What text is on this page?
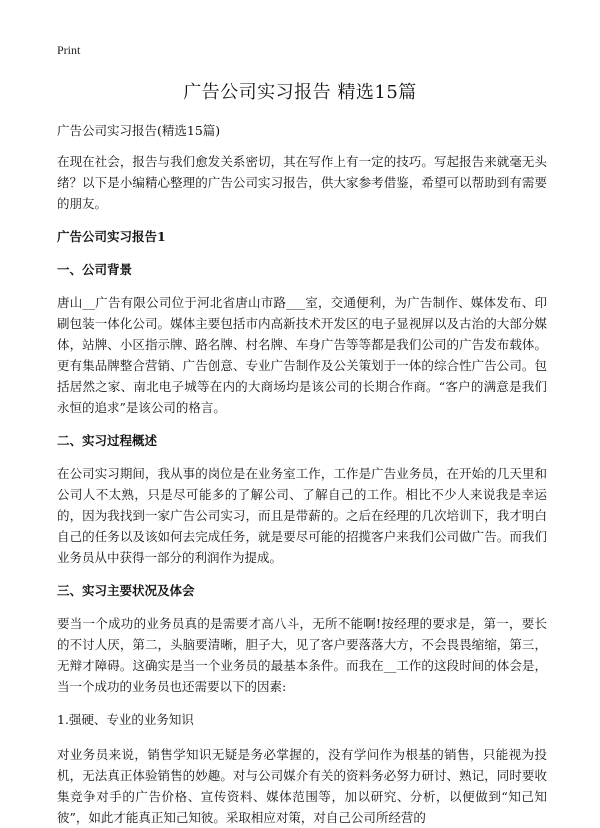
Print
广告公司实习报告 精选15篇

广告公司实习报告(精选15篇)

在现在社会，报告与我们愈发关系密切，其在写作上有一定的技巧。写起报告来就毫无头绪？以下是小编精心整理的广告公司实习报告，供大家参考借鉴，希望可以帮助到有需要的朋友。

广告公司实习报告1

一、公司背景

唐山__广告有限公司位于河北省唐山市路___室，交通便利，为广告制作、媒体发布、印刷包装一体化公司。媒体主要包括市内高新技术开发区的电子显视屏以及古治的大部分媒体，站牌、小区指示牌、路名牌、村名牌、车身广告等等都是我们公司的广告发布载体。更有集品牌整合营销、广告创意、专业广告制作及公关策划于一体的综合性广告公司。包括居然之家、南北电子城等在内的大商场均是该公司的长期合作商。“客户的满意是我们永恒的追求”是该公司的格言。

二、实习过程概述

在公司实习期间，我从事的岗位是在业务室工作，工作是广告业务员，在开始的几天里和公司人不太熟，只是尽可能多的了解公司、了解自己的工作。相比不少人来说我是幸运的，因为我找到一家广告公司实习，而且是带薪的。之后在经理的几次培训下，我才明白自己的任务以及该如何去完成任务，就是要尽可能的招揽客户来我们公司做广告。而我们业务员从中获得一部分的利润作为提成。

三、实习主要状况及体会

要当一个成功的业务员真的是需要才高八斗，无所不能啊!按经理的要求是，第一，要长的不讨人厌，第二，头脑要清晰，胆子大，见了客户要落落大方，不会畏畏缩缩，第三，无辩才障碍。这确实是当一个业务员的最基本条件。而我在__工作的这段时间的体会是，当一个成功的业务员也还需要以下的因素:

1.强硬、专业的业务知识

对业务员来说，销售学知识无疑是务必掌握的，没有学问作为根基的销售，只能视为投机，无法真正体验销售的妙趣。对与公司媒介有关的资料务必努力研讨、熟记，同时要收集竞争对手的广告价格、宣传资料、媒体范围等，加以研究、分析，以便做到“知己知彼”，如此才能真正知己知彼。采取相应对策，对自己公司所经营的
